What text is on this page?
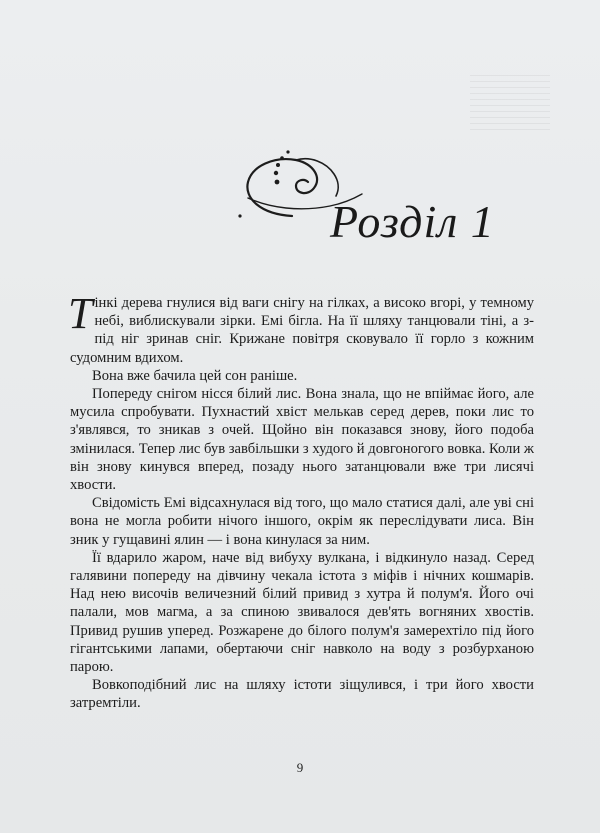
Розділ 1

Тінкі дерева гнулися від ваги снігу на гілках, а високо вгорі, у темному небі, виблискували зірки. Емі бігла. На її шляху танцювали тіні, а з-під ніг зринав сніг. Крижане повітря сковувало її горло з кожним судомним вдихом.

Вона вже бачила цей сон раніше.

Попереду снігом нісся білий лис. Вона знала, що не впіймає його, але мусила спробувати. Пухнастий хвіст мелькав серед дерев, поки лис то з'являвся, то зникав з очей. Щойно він показався знову, його подоба змінилася. Тепер лис був завбільшки з худого й довгоногого вовка. Коли ж він знову кинувся вперед, позаду нього затанцювали вже три лисячі хвости.

Свідомість Емі відсахнулася від того, що мало статися далі, але уві сні вона не могла робити нічого іншого, окрім як переслідувати лиса. Він зник у гущавині ялин — і вона кинулася за ним.

Її вдарило жаром, наче від вибуху вулкана, і відкинуло назад. Серед галявини попереду на дівчину чекала істота з міфів і нічних кошмарів. Над нею височів величезний білий привид з хутра й полум'я. Його очі палали, мов магма, а за спиною звивалося дев'ять вогняних хвостів. Привид рушив уперед. Розжарене до білого полум'я замерехтіло під його гігантськими лапами, обертаючи сніг навколо на воду з розбурханою парою.

Вовкоподібний лис на шляху істоти зіщулився, і три його хвости затремтіли.

9
